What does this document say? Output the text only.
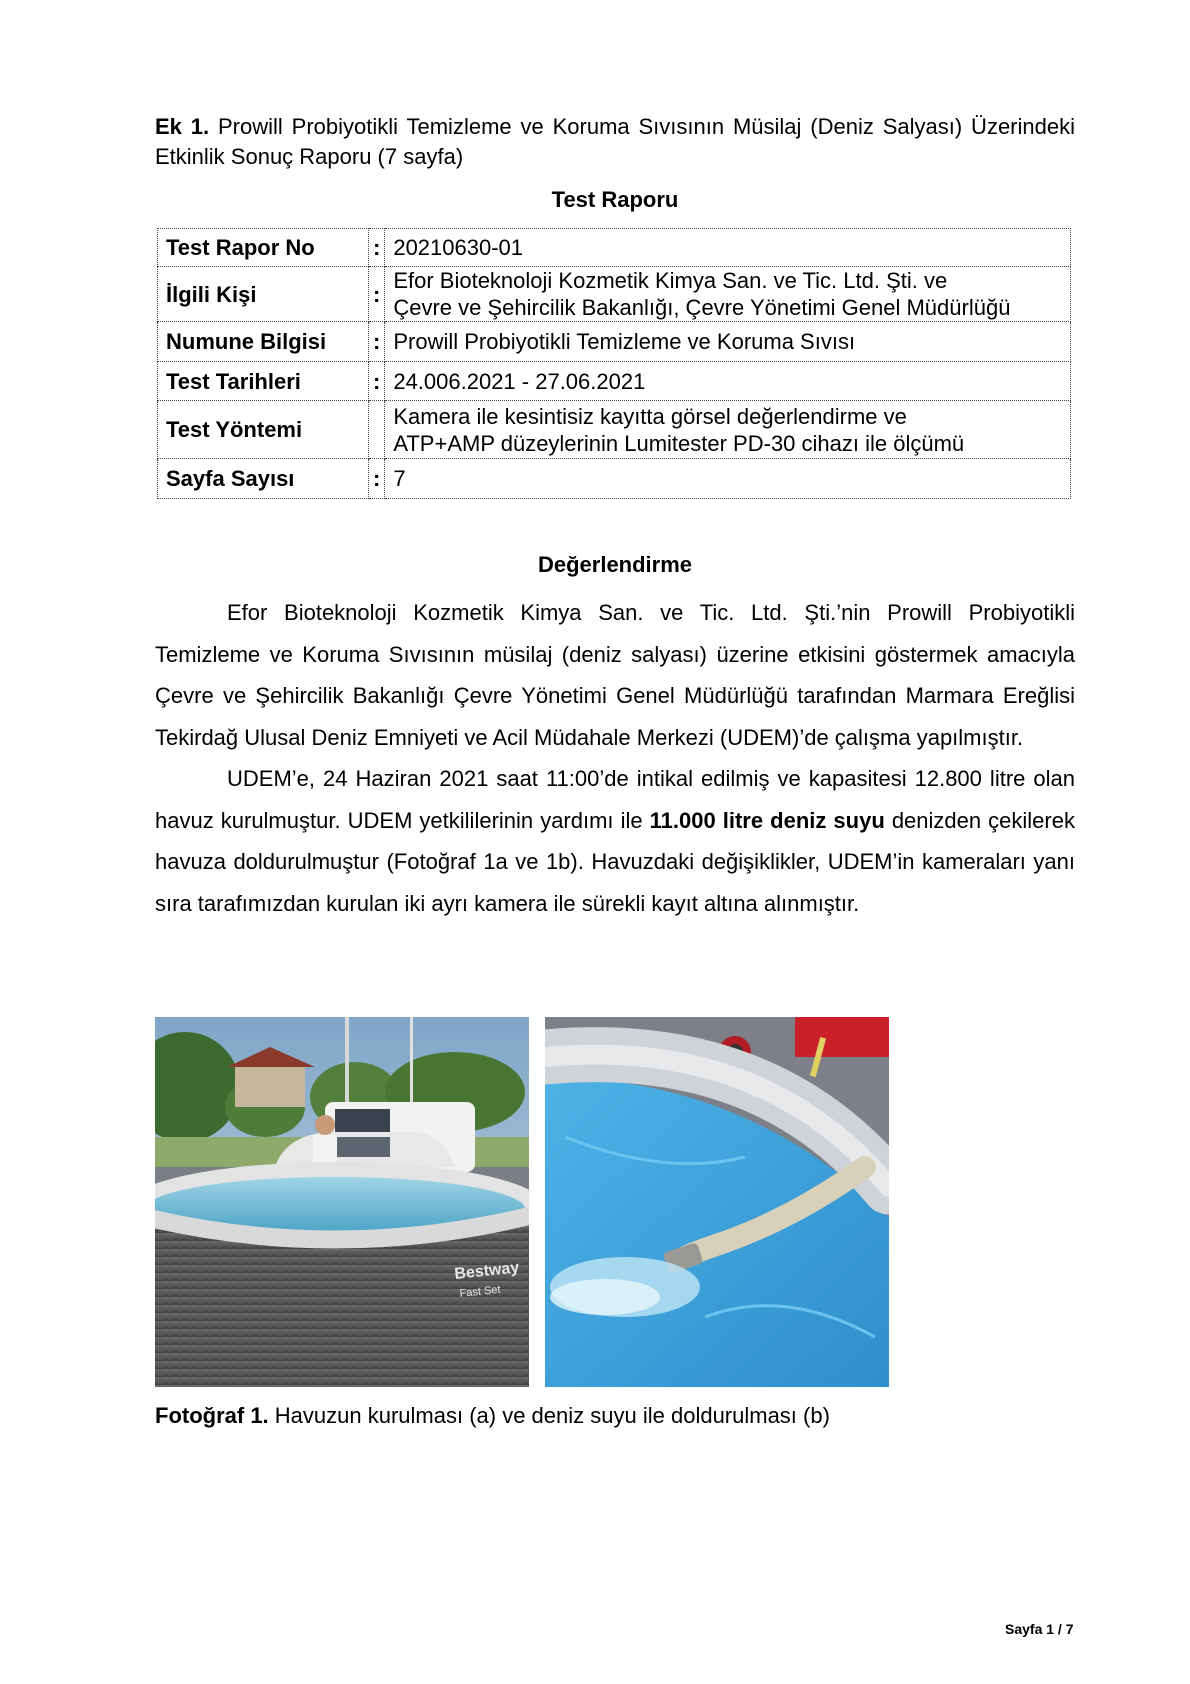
Ek 1. Prowill Probiyotikli Temizleme ve Koruma Sıvısının Müsilaj (Deniz Salyası) Üzerindeki Etkinlik Sonuç Raporu (7 sayfa)
Test Raporu
Test Rapor No	:	20210630-01
İlgili Kişi	:	Efor Bioteknoloji Kozmetik Kimya San. ve Tic. Ltd. Şti. ve
Çevre ve Şehircilik Bakanlığı, Çevre Yönetimi Genel Müdürlüğü

Numune Bilgisi	:	Prowill Probiyotikli Temizleme ve Koruma Sıvısı
Test Tarihleri	:	24.006.2021 - 27.06.2021
Test Yöntemi		Kamera ile kesintisiz kayıtta görsel değerlendirme ve
ATP+AMP düzeylerinin Lumitester PD-30 cihazı ile ölçümü

Sayfa Sayısı	:	7
Değerlendirme

Efor Bioteknoloji Kozmetik Kimya San. ve Tic. Ltd. Şti.’nin Prowill Probiyotikli Temizleme ve Koruma Sıvısının müsilaj (deniz salyası) üzerine etkisini göstermek amacıyla Çevre ve Şehircilik Bakanlığı Çevre Yönetimi Genel Müdürlüğü tarafından Marmara Ereğlisi Tekirdağ Ulusal Deniz Emniyeti ve Acil Müdahale Merkezi (UDEM)’de çalışma yapılmıştır.

UDEM’e, 24 Haziran 2021 saat 11:00’de intikal edilmiş ve kapasitesi 12.800 litre olan havuz kurulmuştur. UDEM yetkililerinin yardımı ile 11.000 litre deniz suyu denizden çekilerek havuza doldurulmuştur (Fotoğraf 1a ve 1b). Havuzdaki değişiklikler, UDEM’in kameraları yanı sıra tarafımızdan kurulan iki ayrı kamera ile sürekli kayıt altına alınmıştır.

Bestway
Fast Set
Fotoğraf 1. Havuzun kurulması (a) ve deniz suyu ile doldurulması (b)
Sayfa 1 / 7
